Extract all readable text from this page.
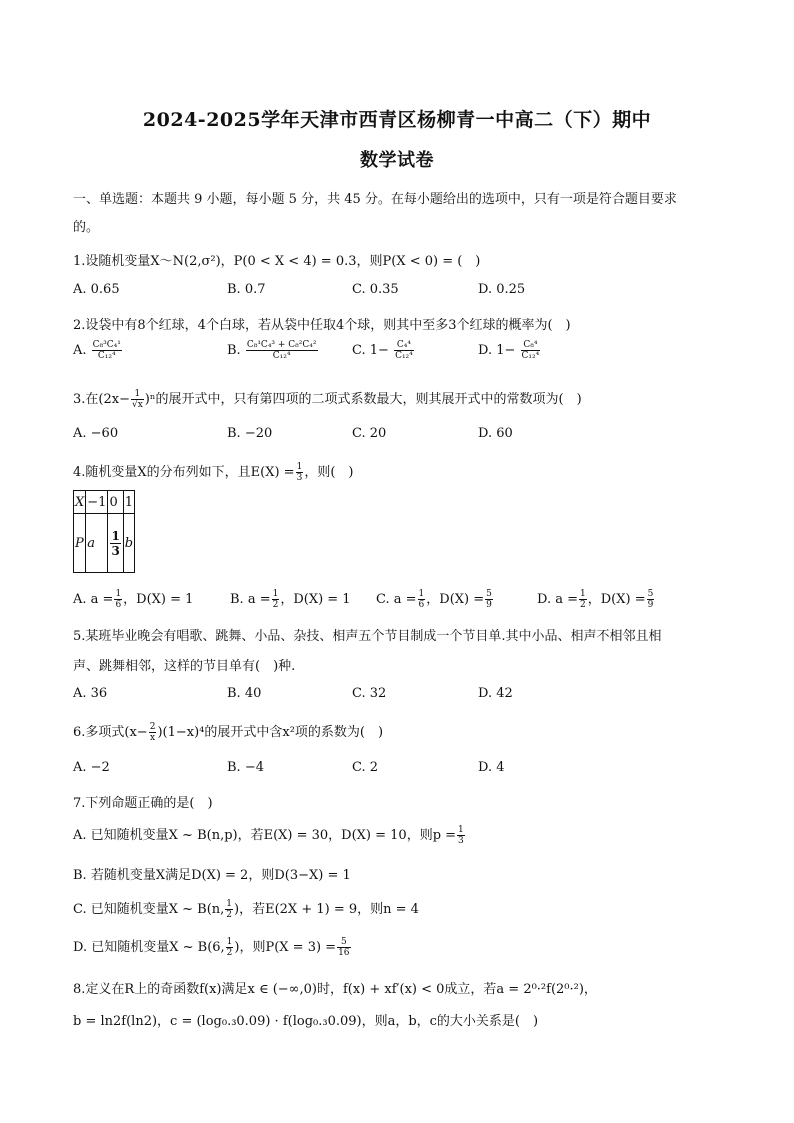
2024-2025学年天津市西青区杨柳青一中高二（下）期中
数学试卷
一、单选题：本题共 9 小题，每小题 5 分，共 45 分。在每小题给出的选项中，只有一项是符合题目要求
的。
1.设随机变量X～N(2,σ²)，P(0 < X < 4) = 0.3，则P(X < 0) = (　)
A. 0.65	B. 0.7	C. 0.35	D. 0.25
2.设袋中有8个红球，4个白球，若从袋中任取4个球，则其中至多3个红球的概率为(　)
A. $\frac{\text{C₈³C₄¹}}{\text{C₁₂⁴}}$	B. $\frac{\text{C₈¹C₄³ + C₈²C₄²}}{\text{C₁₂⁴}}$	C. $1- \frac{\text{C₄⁴}}{\text{C₁₂⁴}}$	D. $1- \frac{\text{C₈⁴}}{\text{C₁₂⁴}}$
3.在$(2x- \frac{1}{√x} )^n$的展开式中，只有第四项的二项式系数最大，则其展开式中的常数项为(　)
A. −60	B. −20	C. 20	D. 60
4.随机变量X的分布列如下，且$E(X) = \frac{1}{3}$ ，则(　)
X	−1	0	1
P	a	$\frac{1}{3}$	b
A. $a = \frac{1}{6}$ ，D(X) = 1	B. $a = \frac{1}{2}$ ，D(X) = 1 C. $a = \frac{1}{6}$ ，$D(X) = \frac{5}{9}$	D. $a = \frac{1}{2}$ ，$D(X) = \frac{5}{9}$
5.某班毕业晚会有唱歌、跳舞、小品、杂技、相声五个节目制成一个节目单.其中小品、相声不相邻且相
声、跳舞相邻，这样的节目单有(　)种.
A. 36	B. 40	C. 32	D. 42
6.多项式$(x- \frac{2}{x} )(1-x)^4$的展开式中含x²项的系数为(　)
A. −2	B. −4	C. 2	D. 4
7.下列命题正确的是(　)
A. 已知随机变量X ~ B(n,p)，若E(X) = 30，D(X) = 10，则$p = \frac{1}{3}$
B. 若随机变量X满足D(X) = 2，则D(3−X) = 1
C. 已知随机变量X ~ B(n, $\frac{1}{2}$ )，若E(2X + 1) = 9，则n = 4
D. 已知随机变量X ~ B(6, $\frac{1}{2}$ )，则$P(X = 3) = \frac{5}{16}$
8.定义在R上的奇函数f(x)满足x ∈ (−∞,0)时，f(x) + xf′(x) < 0成立，若a = 2⁰·²f(2⁰·²)，
b = ln2f(ln2)，c = (log₀.₃0.09) · f(log₀.₃0.09)，则a，b，c的大小关系是(　)
